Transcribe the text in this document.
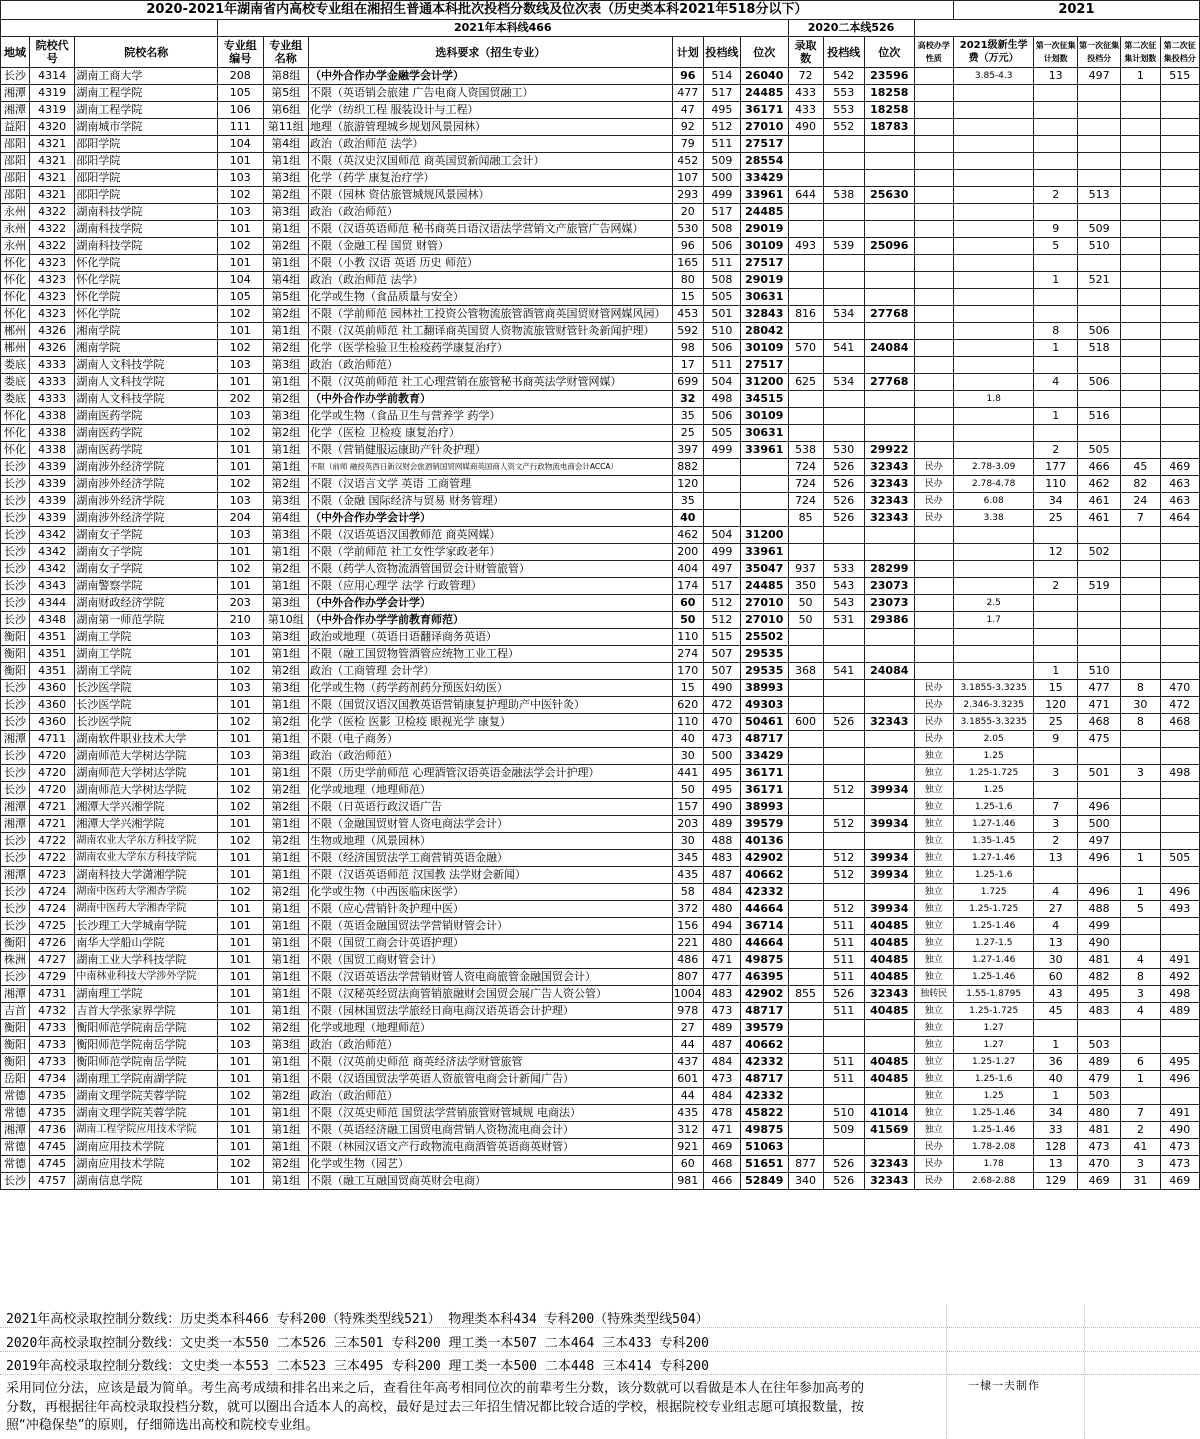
2020-2021年湖南省内高校专业组在湘招生普通本科批次投档分数线及位次表（历史类本科2021年518分以下）													2021				
			2021年本科线466						2020二本线526								
地域	院校代号	院校名称	专业组编号	专业组名称	选科要求（招生专业）	计划	投档线	位次	录取数	投档线	位次	高校办学性质	2021级新生学费（万元）	第一次征集计划数	第一次征集投档分	第二次征集计划数	第二次征集投档分
长沙	4314	湖南工商大学	208	第8组	（中外合作办学金融学会计学）	96	514	26040	72	542	23596		3.85-4.3	13	497	1	515
湘潭	4319	湖南工程学院	105	第5组	不限（英语销会旅建 广告电商人资国贸融工）	477	517	24485	433	553	18258						
湘潭	4319	湖南工程学院	106	第6组	化学（纺织工程 服装设计与工程）	47	495	36171	433	553	18258						
益阳	4320	湖南城市学院	111	第11组	地理（旅游管理城乡规划风景园林）	92	512	27010	490	552	18783						
邵阳	4321	邵阳学院	104	第4组	政治（政治师范 法学）	79	511	27517									
邵阳	4321	邵阳学院	101	第1组	不限（英汉史汉国师范 商英国贸新闻融工会计）	452	509	28554									
邵阳	4321	邵阳学院	103	第3组	化学（药学 康复治疗学）	107	500	33429									
邵阳	4321	邵阳学院	102	第2组	不限（园林 资估旅管城规风景园林）	293	499	33961	644	538	25630			2	513		
永州	4322	湖南科技学院	103	第3组	政治（政治师范）	20	517	24485									
永州	4322	湖南科技学院	101	第1组	不限（汉语英语师范 秘书商英日语汉语法学营销文产旅管广告网媒）	530	508	29019						9	509		
永州	4322	湖南科技学院	102	第2组	不限（金融工程 国贸 财管）	96	506	30109	493	539	25096			5	510		
怀化	4323	怀化学院	101	第1组	不限（小教 汉语 英语 历史 师范）	165	511	27517									
怀化	4323	怀化学院	104	第4组	政治（政治师范 法学）	80	508	29019						1	521		
怀化	4323	怀化学院	105	第5组	化学或生物（食品质量与安全）	15	505	30631									
怀化	4323	怀化学院	102	第2组	不限（学前师范 园林社工投资公管物流旅管酒管商英国贸财管网媒风园）	453	501	32843	816	534	27768						
郴州	4326	湘南学院	101	第1组	不限（汉英前师范 社工翻译商英国贸人资物流旅管财管针灸新闻护理）	592	510	28042						8	506		
郴州	4326	湘南学院	102	第2组	化学（医学检验卫生检疫药学康复治疗）	98	506	30109	570	541	24084			1	518		
娄底	4333	湖南人文科技学院	103	第3组	政治（政治师范）	17	511	27517									
娄底	4333	湖南人文科技学院	101	第1组	不限（汉英前师范 社工心理营销在旅管秘书商英法学财管网媒）	699	504	31200	625	534	27768			4	506		
娄底	4333	湖南人文科技学院	202	第2组	（中外合作办学前教育）	32	498	34515					1.8				
怀化	4338	湖南医药学院	103	第3组	化学或生物（食品卫生与营养学 药学）	35	506	30109						1	516		
怀化	4338	湖南医药学院	102	第2组	化学（医检 卫检疫 康复治疗）	25	505	30631									
怀化	4338	湖南医药学院	101	第1组	不限（营销健服运康助产针灸护理）	397	499	33961	538	530	29922			2	505		
长沙	4339	湖南涉外经济学院	101	第1组	不限（前师 融投英西日新汉财会旅酒销国贸网媒商英国商人资文产行政物流电商会计ACCA）	882			724	526	32343	民办	2.78-3.09	177	466	45	469
长沙	4339	湖南涉外经济学院	102	第2组	不限（汉语言文学 英语 工商管理	120			724	526	32343	民办	2.78-4.78	110	462	82	463
长沙	4339	湖南涉外经济学院	103	第3组	不限（金融 国际经济与贸易 财务管理）	35			724	526	32343	民办	6.08	34	461	24	463
长沙	4339	湖南涉外经济学院	204	第4组	（中外合作办学会计学）	40			85	526	32343	民办	3.38	25	461	7	464
长沙	4342	湖南女子学院	103	第3组	不限（汉语英语汉国教师范 商英网媒）	462	504	31200									
长沙	4342	湖南女子学院	101	第1组	不限（学前师范 社工女性学家政老年）	200	499	33961						12	502		
长沙	4342	湖南女子学院	102	第2组	不限（药学人资物流酒管国贸会计财管旅管）	404	497	35047	937	533	28299						
长沙	4343	湖南警察学院	101	第1组	不限（应用心理学 法学 行政管理）	174	517	24485	350	543	23073			2	519		
长沙	4344	湖南财政经济学院	203	第3组	（中外合作办学会计学）	60	512	27010	50	543	23073		2.5				
长沙	4348	湖南第一师范学院	210	第10组	（中外合作办学学前教育师范）	50	512	27010	50	531	29386		1.7				
衡阳	4351	湖南工学院	103	第3组	政治或地理（英语日语翻译商务英语）	110	515	25502									
衡阳	4351	湖南工学院	101	第1组	不限（融工国贸物管酒管应统物工业工程）	274	507	29535									
衡阳	4351	湖南工学院	102	第2组	政治（工商管理 会计学）	170	507	29535	368	541	24084			1	510		
长沙	4360	长沙医学院	103	第3组	化学或生物（药学药剂药分预医妇幼医）	15	490	38993				民办	3.1855-3.3235	15	477	8	470
长沙	4360	长沙医学院	101	第1组	不限（国贸汉语汉国教英语营销康复护理助产中医针灸）	620	472	49303				民办	2.346-3.3235	120	471	30	472
长沙	4360	长沙医学院	102	第2组	化学（医检 医影 卫检疫 眼视光学 康复）	110	470	50461	600	526	32343	民办	3.1855-3.3235	25	468	8	468
湘潭	4711	湖南软件职业技术大学	101	第1组	不限（电子商务）	40	473	48717				民办	2.05	9	475		
长沙	4720	湖南师范大学树达学院	103	第3组	政治（政治师范）	30	500	33429				独立	1.25				
长沙	4720	湖南师范大学树达学院	101	第1组	不限（历史学前师范 心理酒管汉语英语金融法学会计护理）	441	495	36171				独立	1.25-1.725	3	501	3	498
长沙	4720	湖南师范大学树达学院	102	第2组	化学或地理（地理师范）	50	495	36171		512	39934	独立	1.25				
湘潭	4721	湘潭大学兴湘学院	102	第2组	不限（日英语行政汉语广告	157	490	38993				独立	1.25-1.6	7	496		
湘潭	4721	湘潭大学兴湘学院	101	第1组	不限（金融国贸财管人资电商法学会计）	203	489	39579		512	39934	独立	1.27-1.46	3	500		
长沙	4722	湖南农业大学东方科技学院	102	第2组	生物或地理（风景园林）	30	488	40136				独立	1.35-1.45	2	497		
长沙	4722	湖南农业大学东方科技学院	101	第1组	不限（经济国贸法学工商营销英语金融）	345	483	42902		512	39934	独立	1.27-1.46	13	496	1	505
湘潭	4723	湖南科技大学潇湘学院	101	第1组	不限（汉语英语师范 汉国教 法学财会新闻）	435	487	40662		512	39934	独立	1.25-1.6				
长沙	4724	湖南中医药大学湘杏学院	102	第2组	化学或生物（中西医临床医学）	58	484	42332				独立	1.725	4	496	1	496
长沙	4724	湖南中医药大学湘杏学院	101	第1组	不限（应心营销针灸护理中医）	372	480	44664		512	39934	独立	1.25-1.725	27	488	5	493
长沙	4725	长沙理工大学城南学院	101	第1组	不限（英语金融国贸法学营销财管会计）	156	494	36714		511	40485	独立	1.25-1.46	4	499		
衡阳	4726	南华大学船山学院	101	第1组	不限（国贸工商会计英语护理）	221	480	44664		511	40485	独立	1.27-1.5	13	490		
株洲	4727	湖南工业大学科技学院	101	第1组	不限（国贸工商财管会计）	486	471	49875		511	40485	独立	1.27-1.46	30	481	4	491
长沙	4729	中南林业科技大学涉外学院	101	第1组	不限（汉语英语法学营销财管人资电商旅管金融国贸会计）	807	477	46395		511	40485	独立	1.25-1.46	60	482	8	492
湘潭	4731	湖南理工学院	101	第1组	不限（汉秘英经贸法商管销旅融财会国贸会展广告人资公管）	1004	483	42902	855	526	32343	独转民	1.55-1.8795	43	495	3	498
吉首	4732	吉首大学张家界学院	101	第1组	不限（园林国贸法学旅经日商电商汉语英语会计护理）	978	473	48717		511	40485	独立	1.25-1.725	45	483	4	489
衡阳	4733	衡阳师范学院南岳学院	102	第2组	化学或地理（地理师范）	27	489	39579				独立	1.27				
衡阳	4733	衡阳师范学院南岳学院	103	第3组	政治（政治师范）	44	487	40662				独立	1.27	1	503		
衡阳	4733	衡阳师范学院南岳学院	101	第1组	不限（汉英前史师范 商英经济法学财管旅管	437	484	42332		511	40485	独立	1.25-1.27	36	489	6	495
岳阳	4734	湖南理工学院南湖学院	101	第1组	不限（汉语国贸法学英语人资旅管电商会计新闻广告）	601	473	48717		511	40485	独立	1.25-1.6	40	479	1	496
常德	4735	湖南文理学院芙蓉学院	102	第2组	政治（政治师范）	44	484	42332				独立	1.25	1	503		
常德	4735	湖南文理学院芙蓉学院	101	第1组	不限（汉英史师范 国贸法学营销旅管财管城规 电商法）	435	478	45822		510	41014	独立	1.25-1.46	34	480	7	491
湘潭	4736	湖南工程学院应用技术学院	101	第1组	不限（英语经济融工国贸电商营销人资物流电商会计）	312	471	49875		509	41569	独立	1.25-1.46	33	481	2	490
常德	4745	湖南应用技术学院	101	第1组	不限（林园汉语文产行政物流电商酒管英语商英财管）	921	469	51063				民办	1.78-2.08	128	473	41	473
常德	4745	湖南应用技术学院	102	第2组	化学或生物（园艺）	60	468	51651	877	526	32343	民办	1.78	13	470	3	473
长沙	4757	湖南信息学院	101	第1组	不限（融工互融国贸商英财会电商）	981	466	52849	340	526	32343	民办	2.68-2.88	129	469	31	469
2021年高校录取控制分数线：历史类本科466 专科200（特殊类型线521） 物理类本科434 专科200（特殊类型线504）
2020年高校录取控制分数线：文史类一本550 二本526 三本501 专科200 理工类一本507 二本464 三本433 专科200
2019年高校录取控制分数线：文史类一本553 二本523 三本495 专科200 理工类一本500 二本448 三本414 专科200
采用同位分法，应该是最为简单。考生高考成绩和排名出来之后，查看往年高考相同位次的前辈考生分数，该分数就可以看做是本人在往年参加高考的分数，再根据往年高校录取投档分数，就可以圈出合适本人的高校，最好是过去三年招生情况都比较合适的学校，根据院校专业组志愿可填报数量，按照“冲稳保垫”的原则，仔细筛选出高校和院校专业组。
一棣一夫制作
